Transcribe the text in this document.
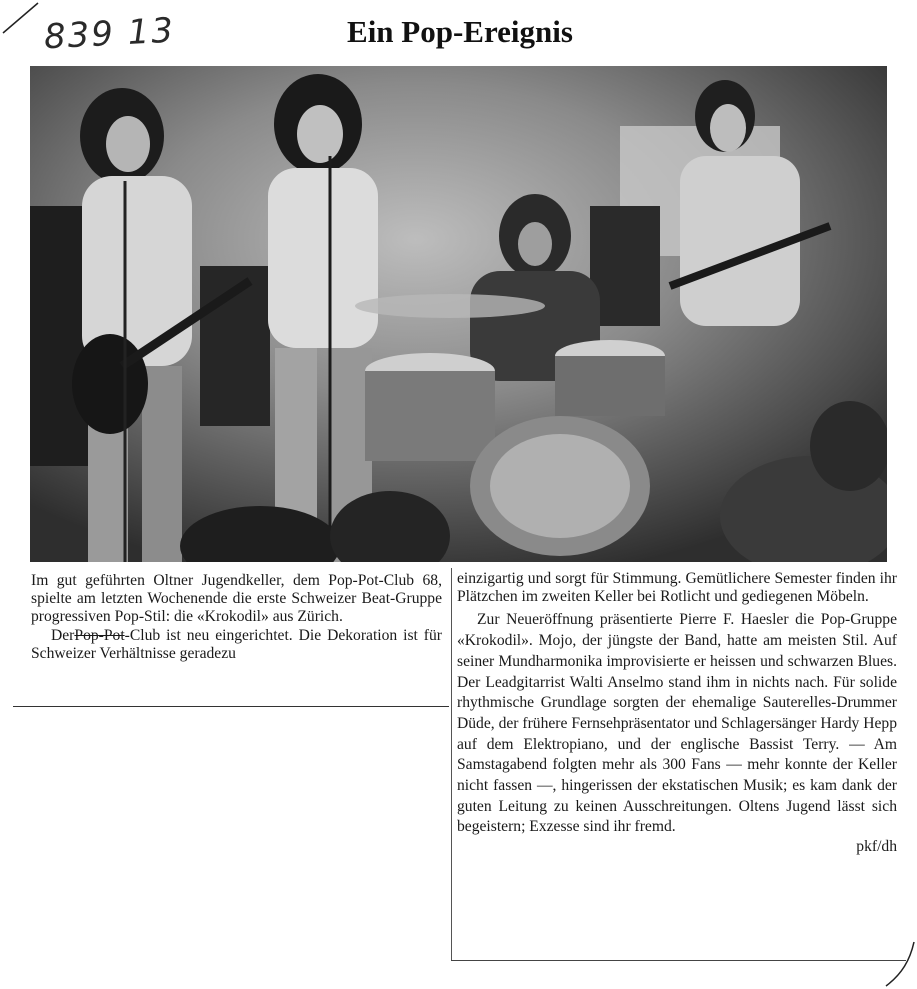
839 13	Ein Pop-Ereignis

Im gut geführten Oltner Jugendkeller, dem Pop-Pot-Club 68, spielte am letzten Wochenende die erste Schweizer Beat-Gruppe progressiven Pop-Stil: die «Krokodil» aus Zürich.

DerPop-Pot-Club ist neu eingerichtet. Die Dekoration ist für Schweizer Verhältnisse geradezu

einzigartig und sorgt für Stimmung. Gemütlichere Semester finden ihr Plätzchen im zweiten Keller bei Rotlicht und gediegenen Möbeln.

Zur Neueröffnung präsentierte Pierre F. Haesler die Pop-Gruppe «Krokodil». Mojo, der jüngste der Band, hatte am meisten Stil. Auf seiner Mundharmonika improvisierte er heissen und schwarzen Blues. Der Leadgitarrist Walti Anselmo stand ihm in nichts nach. Für solide rhythmische Grundlage sorgten der ehemalige Sauterelles-Drummer Düde, der frühere Fernsehpräsentator und Schlagersänger Hardy Hepp auf dem Elektropiano, und der englische Bassist Terry. — Am Samstagabend folgten mehr als 300 Fans — mehr konnte der Keller nicht fassen —, hingerissen der ekstatischen Musik; es kam dank der guten Leitung zu keinen Ausschreitungen. Oltens Jugend lässt sich begeistern; Exzesse sind ihr fremd.

pkf/dh
